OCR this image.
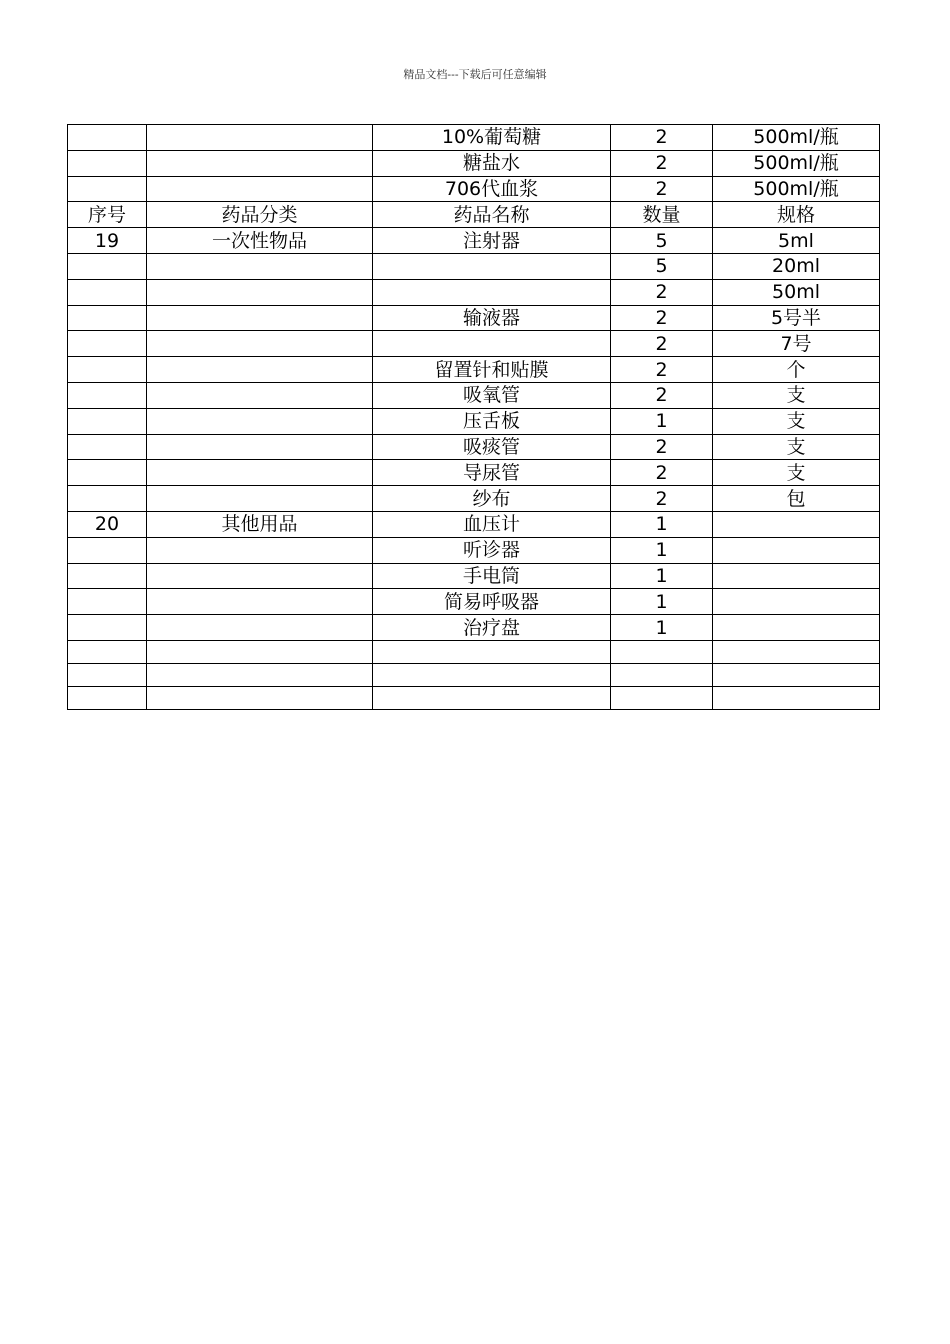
精品文档---下载后可任意编辑
		10%葡萄糖	2	500ml/瓶
		糖盐水	2	500ml/瓶
		706代血浆	2	500ml/瓶
序号	药品分类	药品名称	数量	规格
19	一次性物品	注射器	5	5ml
			5	20ml
			2	50ml
		输液器	2	5号半
			2	7号
		留置针和贴膜	2	个
		吸氧管	2	支
		压舌板	1	支
		吸痰管	2	支
		导尿管	2	支
		纱布	2	包
20	其他用品	血压计	1	
		听诊器	1	
		手电筒	1	
		简易呼吸器	1	
		治疗盘	1	
